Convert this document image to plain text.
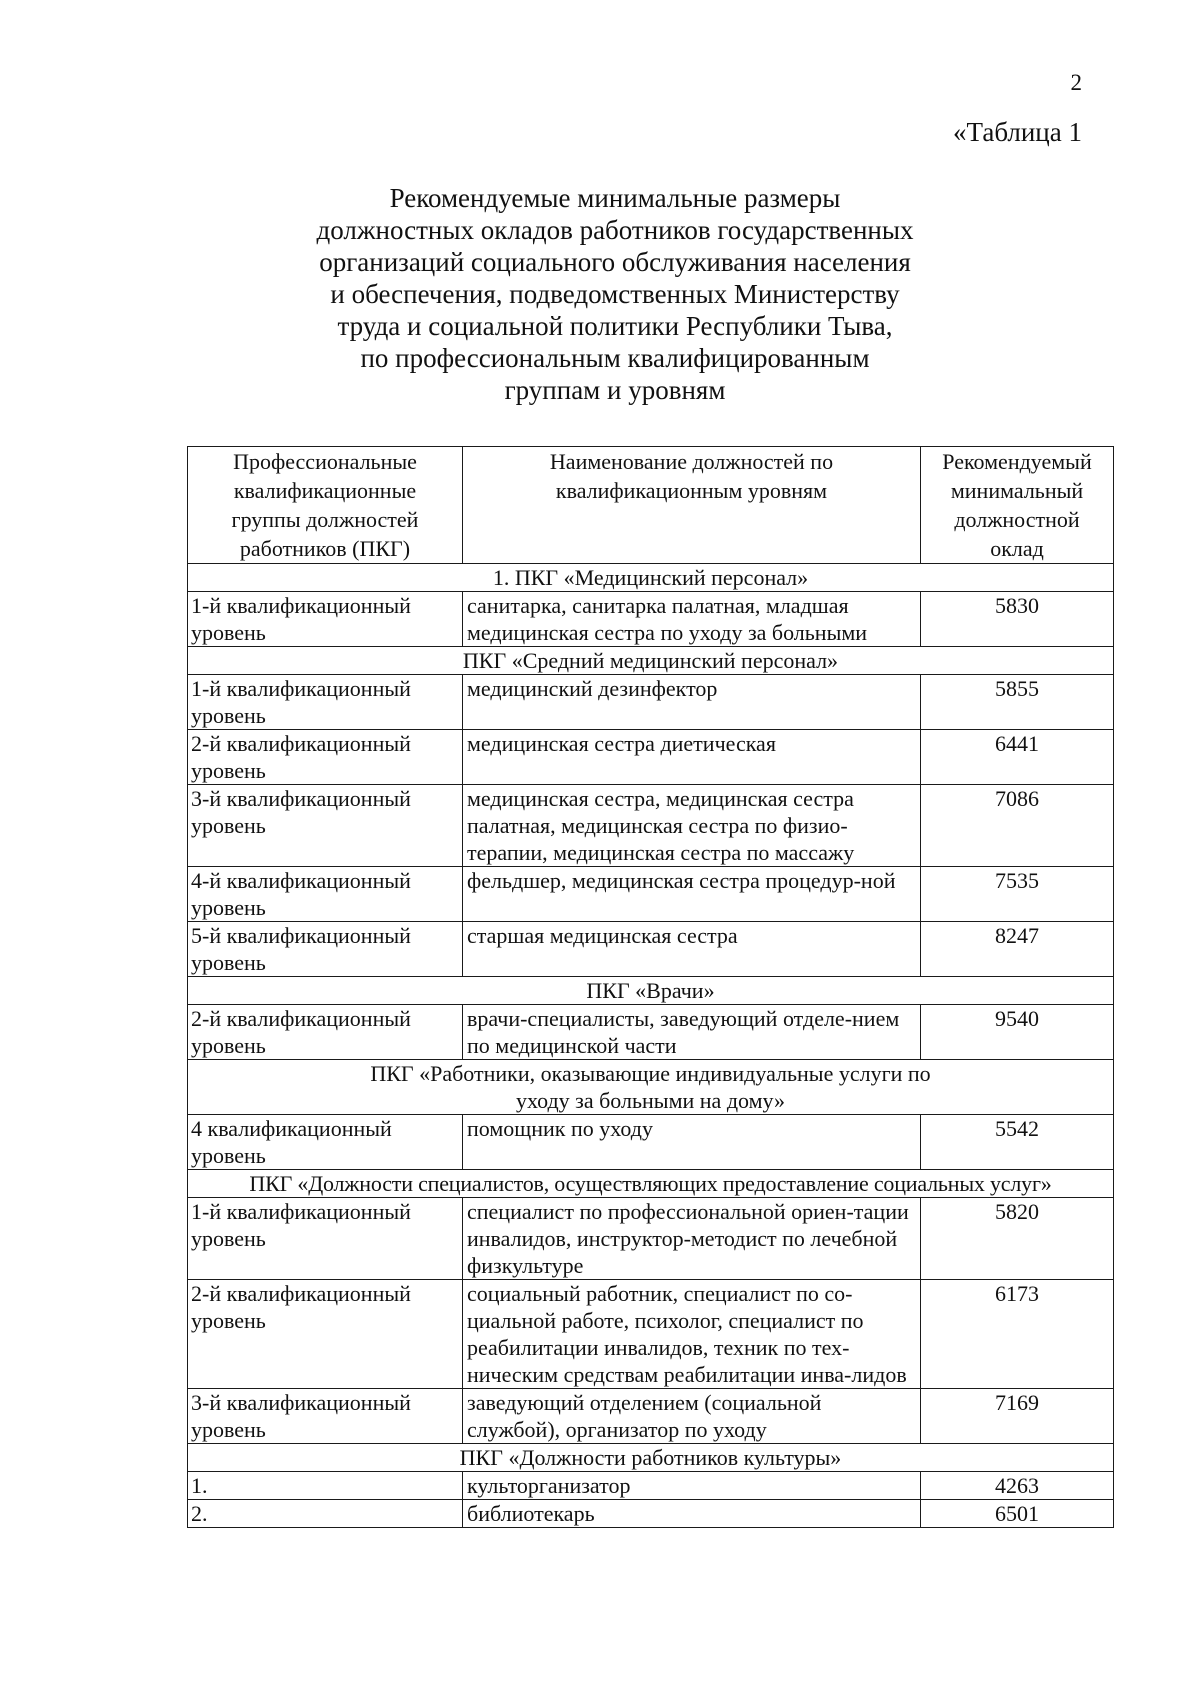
2
«Таблица 1
Рекомендуемые минимальные размеры
должностных окладов работников государственных
организаций социального обслуживания населения
и обеспечения, подведомственных Министерству
труда и социальной политики Республики Тыва,
по профессиональным квалифицированным
группам и уровням
Профессиональные квалификационные группы должностей работников (ПКГ)	Наименование должностей по квалификационным уровням	Рекомендуемый минимальный должностной оклад
1. ПКГ «Медицинский персонал»		
1-й квалификационный уровень	санитарка, санитарка палатная, младшая медицинская сестра по уходу за больными	5830
ПКГ «Средний медицинский персонал»		
1-й квалификационный уровень	медицинский дезинфектор	5855
2-й квалификационный уровень	медицинская сестра диетическая	6441
3-й квалификационный уровень	медицинская сестра, медицинская сестра палатная, медицинская сестра по физио-терапии, медицинская сестра по массажу	7086
4-й квалификационный уровень	фельдшер, медицинская сестра процедур-ной	7535
5-й квалификационный уровень	старшая медицинская сестра	8247
ПКГ «Врачи»		
2-й квалификационный уровень	врачи-специалисты, заведующий отделе-нием по медицинской части	9540
ПКГ «Работники, оказывающие индивидуальные услуги по уходу за больными на дому»		
4 квалификационный уровень	помощник по уходу	5542
ПКГ «Должности специалистов, осуществляющих предоставление социальных услуг»		
1-й квалификационный уровень	специалист по профессиональной ориен-тации инвалидов, инструктор-методист по лечебной физкультуре	5820
2-й квалификационный уровень	социальный работник, специалист по со-циальной работе, психолог, специалист по реабилитации инвалидов, техник по тех-ническим средствам реабилитации инва-лидов	6173
3-й квалификационный уровень	заведующий отделением (социальной службой), организатор по уходу	7169
ПКГ «Должности работников культуры»		
1.	культорганизатор	4263
2.	библиотекарь	6501
